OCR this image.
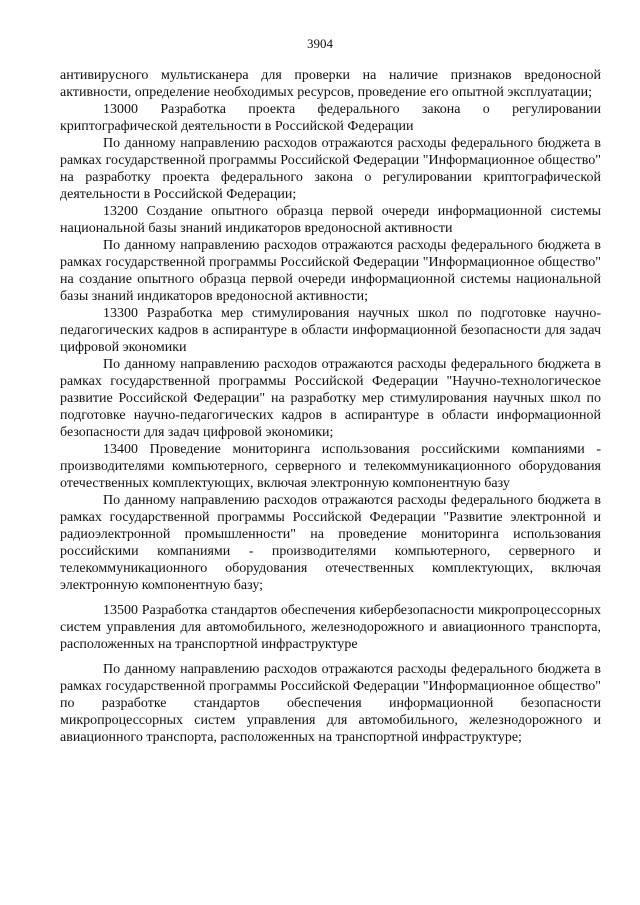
3904

антивирусного мультисканера для проверки на наличие признаков вредоносной активности, определение необходимых ресурсов, проведение его опытной эксплуатации;

13000 Разработка проекта федерального закона о регулировании криптографической деятельности в Российской Федерации

По данному направлению расходов отражаются расходы федерального бюджета в рамках государственной программы Российской Федерации "Информационное общество" на разработку проекта федерального закона о регулировании криптографической деятельности в Российской Федерации;

13200 Создание опытного образца первой очереди информационной системы национальной базы знаний индикаторов вредоносной активности

По данному направлению расходов отражаются расходы федерального бюджета в рамках государственной программы Российской Федерации "Информационное общество" на создание опытного образца первой очереди информационной системы национальной базы знаний индикаторов вредоносной активности;

13300 Разработка мер стимулирования научных школ по подготовке научно-педагогических кадров в аспирантуре в области информационной безопасности для задач цифровой экономики

По данному направлению расходов отражаются расходы федерального бюджета в рамках государственной программы Российской Федерации "Научно-технологическое развитие Российской Федерации" на разработку мер стимулирования научных школ по подготовке научно-педагогических кадров в аспирантуре в области информационной безопасности для задач цифровой экономики;

13400 Проведение мониторинга использования российскими компаниями - производителями компьютерного, серверного и телекоммуникационного оборудования отечественных комплектующих, включая электронную компонентную базу

По данному направлению расходов отражаются расходы федерального бюджета в рамках государственной программы Российской Федерации "Развитие электронной и радиоэлектронной промышленности" на проведение мониторинга использования российскими компаниями - производителями компьютерного, серверного и телекоммуникационного оборудования отечественных комплектующих, включая электронную компонентную базу;

13500 Разработка стандартов обеспечения кибербезопасности микропроцессорных систем управления для автомобильного, железнодорожного и авиационного транспорта, расположенных на транспортной инфраструктуре

По данному направлению расходов отражаются расходы федерального бюджета в рамках государственной программы Российской Федерации "Информационное общество" по разработке стандартов обеспечения информационной безопасности микропроцессорных систем управления для автомобильного, железнодорожного и авиационного транспорта, расположенных на транспортной инфраструктуре;
